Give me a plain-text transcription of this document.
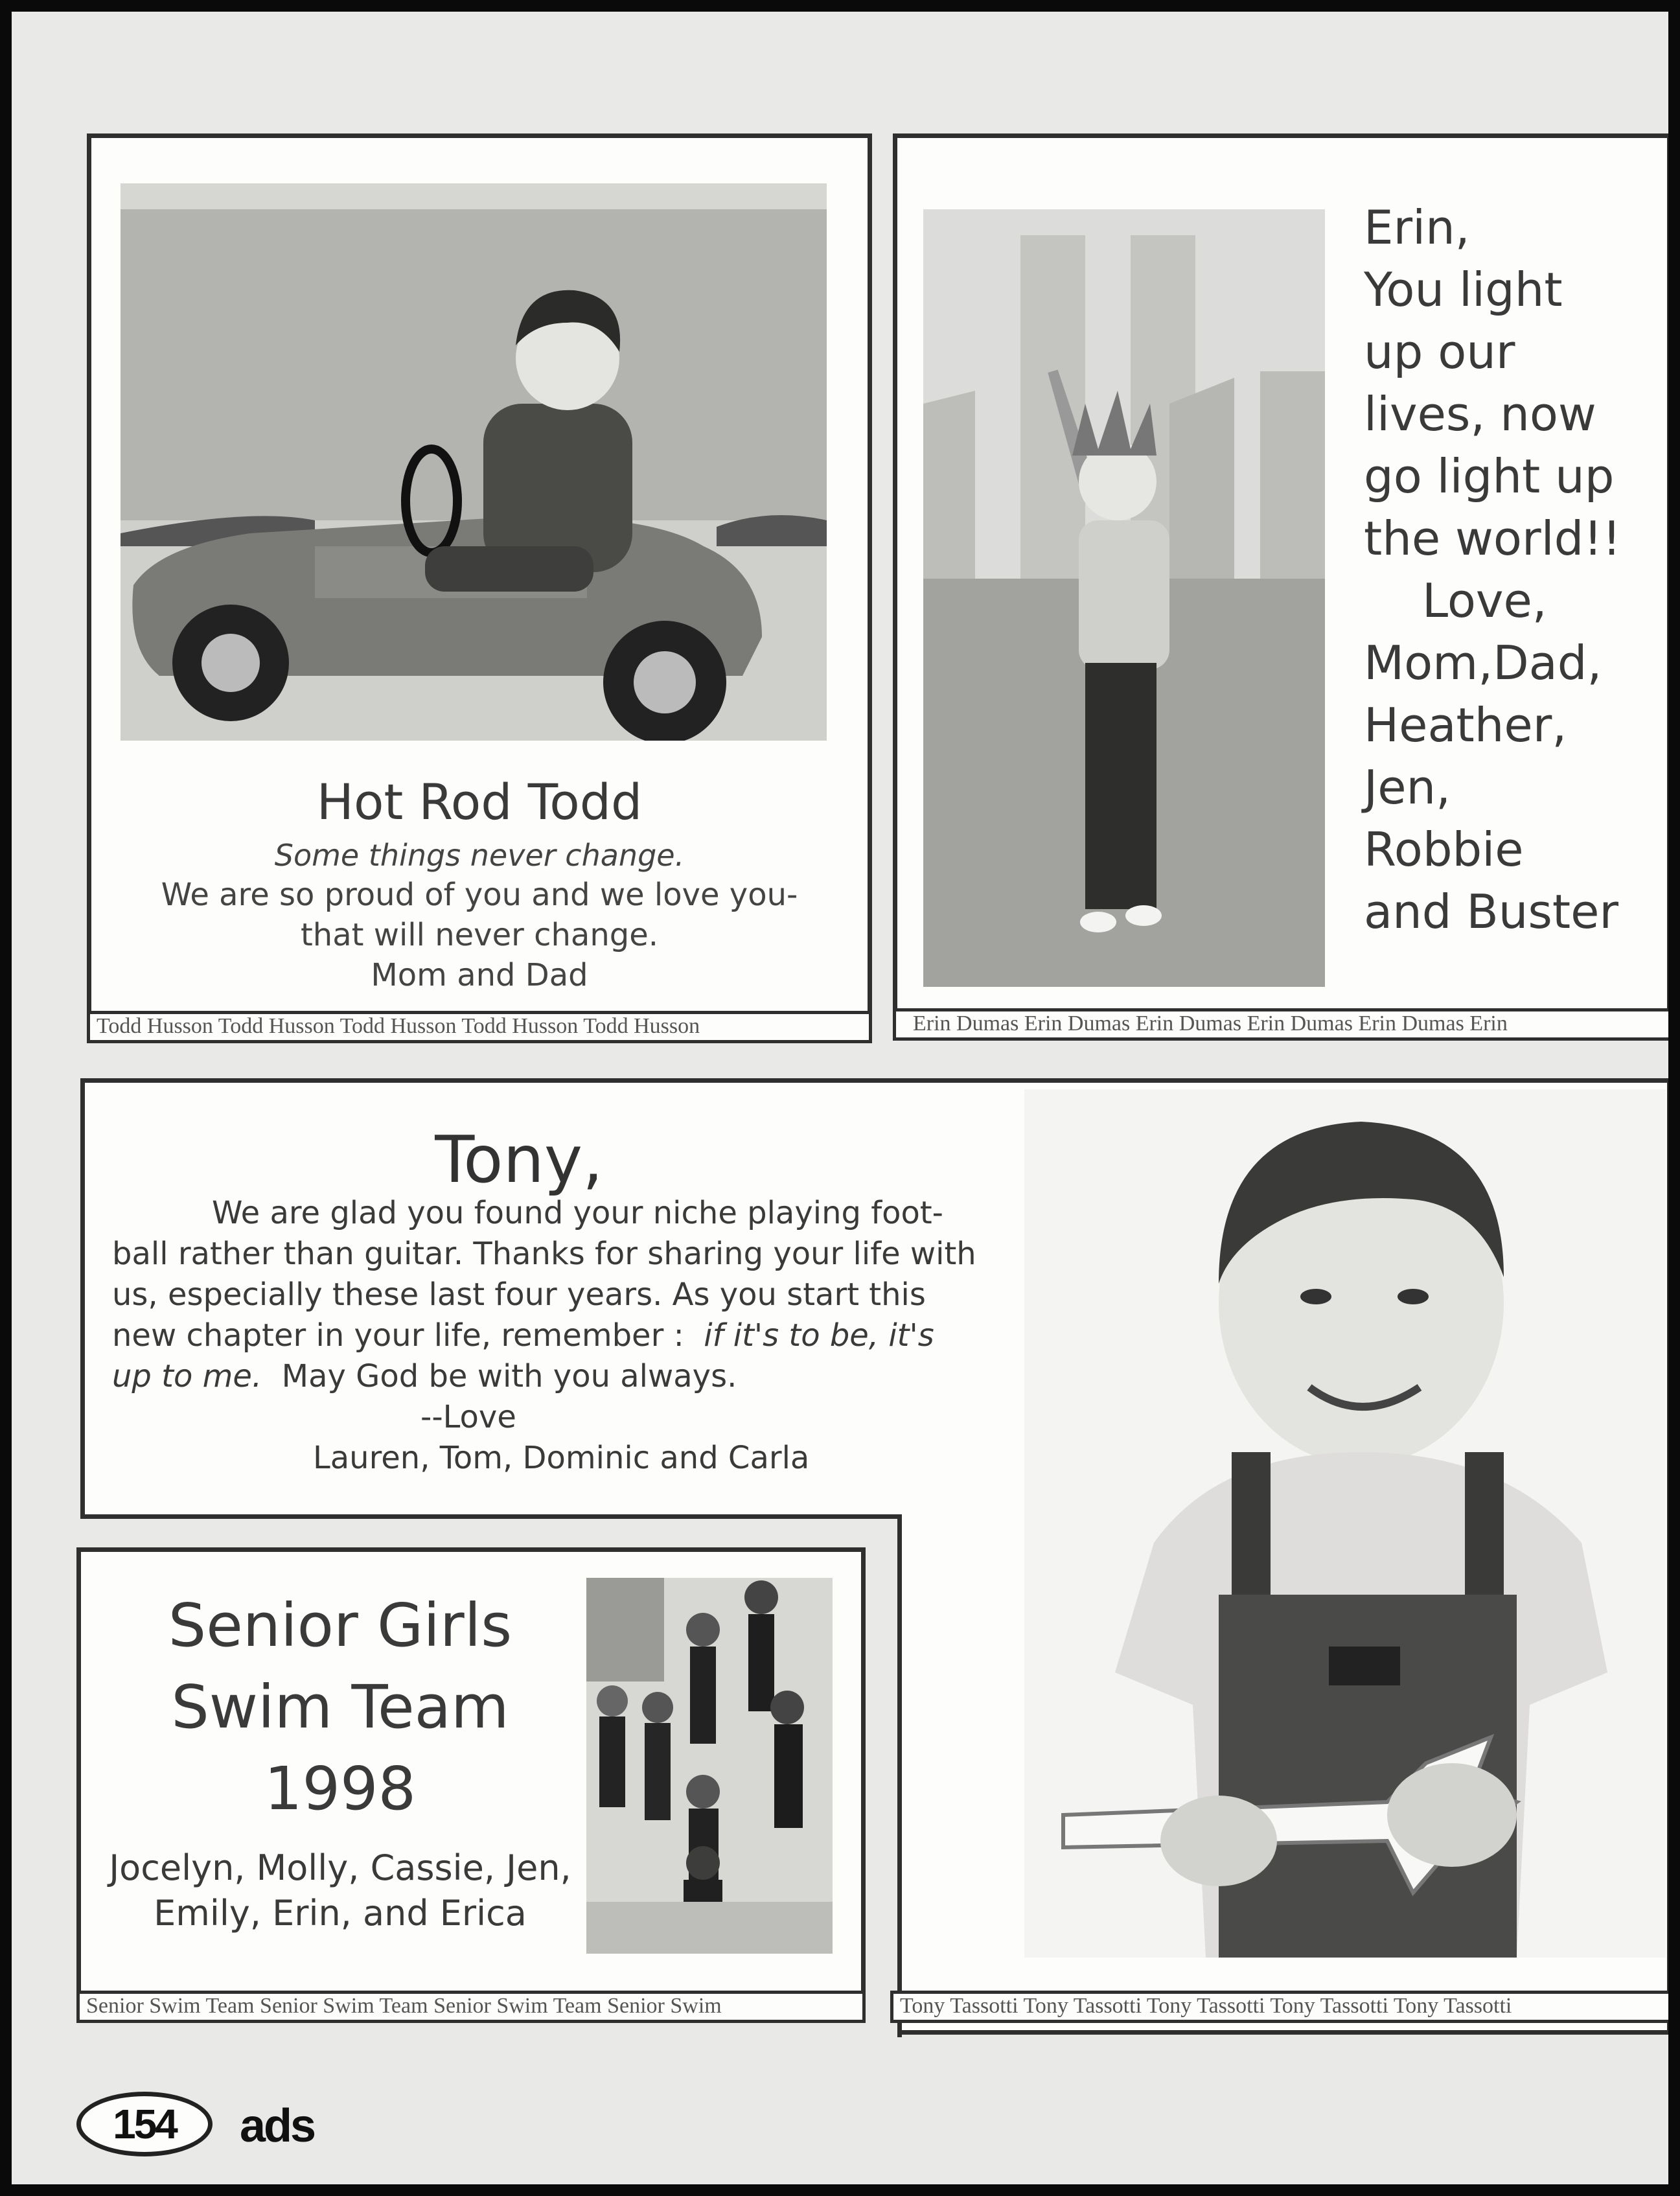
Hot Rod Todd
Some things never change.
We are so proud of you and we love you-
that will never change.
Mom and Dad
Todd Husson Todd Husson Todd Husson Todd Husson Todd Husson
Erin,
You light
up our
lives, now
go light up
the world!!
Love,
Mom,Dad,
Heather,
Jen,
Robbie
and Buster
Erin Dumas Erin Dumas Erin Dumas Erin Dumas Erin Dumas Erin
Tony,
We are glad you found your niche playing foot-
ball rather than guitar. Thanks for sharing your life with
us, especially these last four years. As you start this
new chapter in your life, remember : if it's to be, it's
up to me. May God be with you always.
--Love
Lauren, Tom, Dominic and Carla
Tony Tassotti Tony Tassotti Tony Tassotti Tony Tassotti Tony Tassotti
Senior Girls
Swim Team
1998
Jocelyn, Molly, Cassie, Jen,
Emily, Erin, and Erica
Senior Swim Team Senior Swim Team Senior Swim Team Senior Swim
154 ads
